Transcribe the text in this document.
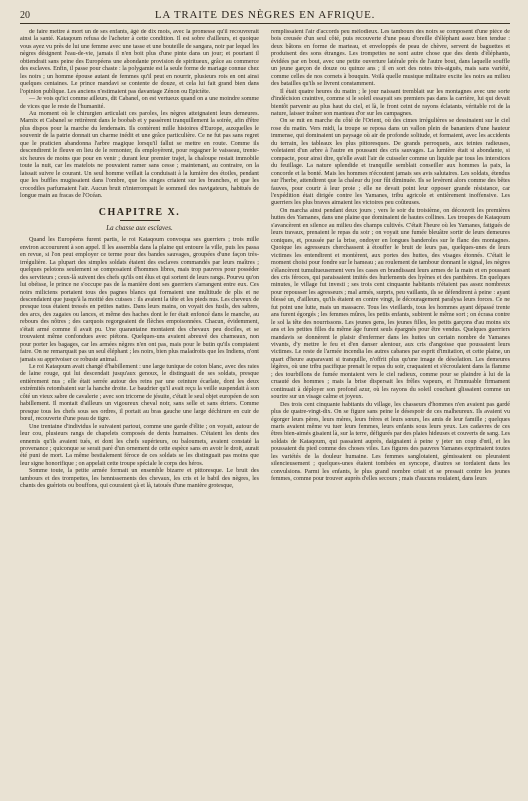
20	LA TRAITE DES NÈGRES EN AFRIQUE.

de faire mettre à mort un de ses enfants, âgé de dix mois, avec la promesse qu'il recouvrerait ainsi la santé. Kataqoum refusa de l'acheter à cette condition. Il est sobre d'ailleurs, et quoique vous ayez vu près de lui une femme avec une tasse et une bouteille de sangara, noir par lequel les nègres désignent l'eau-de-vie, jamais il n'en boit plus d'une pinte dans un jour; et pourtant il obtiendrait sans peine des Européens une abondante provision de spiritueux, grâce au commerce des esclaves. Enfin, il passe pour chaste : la polygamie est la seule forme de mariage connue chez les noirs ; un homme épouse autant de femmes qu'il peut en nourrir, plusieurs rois en ont ainsi quelques centaines. Le prince mandavi se contente de douze, et cela lui fait grand bien dans l'opinion publique. Les anciens n'estimaient pas davantage Zénon ou Epictète.

— Je vois qu'ici comme ailleurs, dit Cabanel, on est vertueux quand on a une moindre somme de vices que le reste de l'humanité.

Au moment où le chirurgien articulait ces paroles, les nègres atteignaient leurs demeures. Marnix et Cabanel se retirèrent dans le boobab et y passèrent tranquillement la soirée, afin d'être plus dispos pour la marche du lendemain. Ils contèrent mille histoires d'Europe, auxquelles le souvenir de la patrie donnait un charme inédit et une grâce particulière. Ce ne fut pas sans regret que le praticien abandonna l'arbre magique lorsqu'il fallut se mettre en route. Comme ils descendirent le fleuve en lieu de le remonter, ils employèrent, pour regagner le vaisseau, trente-six heures de moins que pour en venir ; durant leur premier trajet, la chaloupe restait immobile toute la nuit, car les matelots ne pouvaient ramer sans cesse ; maintenant, au contraire, on la laissait suivre le courant. Un seul homme veillait la conduisait à la lumière des étoiles, pendant que les buffles mugissaient dans l'ombre, que les singes criaient sur les branches, et que les crocodiles parfumaient l'air. Aucun bruit n'interrompait le sommeil des navigateurs, habitués de longue main au fracas de l'Océan.

CHAPITRE X.
La chasse aux esclaves.

Quand les Européens furent partis, le roi Kataqoum convoqua ses guerriers ; trois mille environ accoururent à son appel. Il les assembla dans la plaine qui entoure la ville, puis les passa en revue, si l'on peut employer ce terme pour des bandes sauvages, groupées d'une façon très-irrégulière. La plupart des simples soldats étaient des esclaves commandés par leurs maîtres ; quelques pelotons seulement se composaient d'hommes libres, mais trop pauvres pour posséder des serviteurs ; ceux-là suivent des chefs qu'ils ont élus et qui sortent de leurs rangs. Pourvu qu'on lui obéisse, le prince ne s'occupe pas de la manière dont ses guerriers s'arrangent entre eux. Ces noirs miliciens portaient tous des pagnes blancs qui formaient une multitude de plis et ne descendaient que jusqu'à la moitié des cuisses : ils avaient la tête et les pieds nus. Les cheveux de presque tous étaient tressés en petites nattes. Dans leurs mains, on voyait des fusils, des sabres, des arcs, des zagaies ou lances, et même des haches dont le fer était enfoncé dans le manche, au rebours des nôtres ; des carquois regorgeaient de flèches empoisonnées. Chacun, évidemment, s'était armé comme il avait pu. Une quarantaine montaient des chevaux peu dociles, et se trouvaient même confondues avec piétons. Quelques-uns avaient abreuvé des chameaux, non pour porter les bagages, car les armées nègres n'en ont pas, mais pour le butin qu'ils comptaient faire. On ne remarquait pas un seul éléphant ; les noirs, bien plus maladroits que les Indiens, n'ont jamais su apprivoiser ce robuste animal.

Le roi Kataqoum avait changé d'habillement : une large tunique de coton blanc, avec des raies de laine rouge, qui lui descendait jusqu'aux genoux, le distinguait de ses soldats, presque entièrement nus ; elle était serrée autour des reins par une ceinture écarlate, dont les deux extrémités retombaient sur la hanche droite. Le baudrier qu'il avait reçu la veille suspendait à son côté un vieux sabre de cavalerie ; avec son tricorne de jésuite, c'était le seul objet européen de son habillement. Il montait d'ailleurs un vigoureux cheval noir, sans selle et sans étriers. Comme presque tous les chefs sous ses ordres, il portait au bras gauche une large déchirure en cuir de bœuf, recouverte d'une peau de tigre.

Une trentaine d'individus le suivaient partout, comme une garde d'élite ; on voyait, autour de leur cou, plusieurs rangs de chapelets composés de dents humaines. C'étaient les dents des ennemis qu'ils avaient tués, et dont les chefs supérieurs, ou baloumets, avaient constaté la provenance ; quiconque se serait paré d'un ornement de cette espèce sans en avoir le droit, aurait été puni de mort. La même bestialement féroce de ces soldats se les distinguait pas moins que leur signe honorifique ; on appelait cette troupe spéciale le corps des héros.

Somme toute, la petite armée formait un ensemble bizarre et pittoresque. Le bruit des tambours et des trompettes, les hennissements des chevaux, les cris et le babil des nègres, les chants des guériots ou bouffons, qui couraient çà et là, tatoués d'une manière grotesque,

remplissaient l'air d'accords peu mélodieux. Les tambours des noirs se composent d'une pièce de bois creusée d'un seul côté, puis recouverte d'une peau d'oreille d'éléphant assez bien tendue : deux bâtons en forme de marteau, et enveloppés de peau de chèvre, servent de baguettes et produisent des sons étranges. Les trompettes ne sont autre chose que des dents d'éléphants, évidées par en bout, avec une petite ouverture latérale près de l'autre bout, dans laquelle souffle un jeune garçon de douze ou quinze ans ; il en sort des notes très-aiguës, mais sans variété, comme celles de nos cornets à bouquin. Voilà quelle musique militaire excite les noirs au milieu des batailles qu'ils se livrent constamment.

Il était quatre heures du matin ; le jour naissant tremblait sur les montagnes avec une sorte d'indécision craintive, comme si le soleil essayait ses premiers pas dans la carrière, lui qui devait bientôt parvenir au plus haut du ciel, et là, le front ceint de rayons éclatants, véritable roi de la nature, laisser traîner son manteau d'or sur les campagnes.

On se mit en marche du côté de l'Orient, où des cimes irrégulières se dessinaient sur le ciel rose du matin. Vers midi, la troupe se reposa dans un vallon plein de bananiers d'une hauteur immense, qui dominaient un paysage où air de profonde solitude, et formaient, avec les accidents du terrain, les tableaux les plus pittoresques. De grands perroquets, aux teintes radieuses, voletaient d'un arbre à l'autre en poussant des cris sauvages. La lumière était si abondante, si compacte, pour ainsi dire, qu'elle avait l'air de cuisseler comme un liquide par tous les interstices du feuillage. La nature splendide et tranquille semblait conseiller aux hommes la paix, la concorde et la bonté. Mais les hommes n'écoutent jamais ses avis salutaires. Les soldats, étendus sur l'herbe, attendirent que la chaleur du jour fût diminuée. Ils se levèrent alors comme des bêtes fauves, pour courir à leur proie ; elle ne devait point leur opposer grande résistance, car l'expédition était dirigée contre les Yamanes, tribu agricole et entièrement inoffensive. Les guerriers les plus braves aimaient les victoires peu coûteuses.

On marcha ainsi pendant deux jours ; vers le soir du troisième, on découvrit les premières huttes des Yamanes, dans une plaine que dominaient de hautes collines. Les troupes de Kataqoum s'avancèrent en silence au milieu des champs cultivés. C'était l'heure où les Yamanes, fatigués de leurs travaux, prenaient le repas du soir ; on voyait une fumée bleuâtre sortir de leurs demeures coniques, et, poussée par la brise, ondoyer en longues banderoles sur le flanc des montagnes. Quoique les agresseurs cherchassent à étouffer le bruit de leurs pas, quelques-unes de leurs victimes les entendirent et montèrent, aux portes des huttes, des visages étonnés. C'était le moment choisi pour fondre sur le hameau ; au roulement de tambour donnant le signal, les nègres s'élancèrent tumultueusement vers les cases en brandissant leurs armes de la main et en poussant des cris féroces, qui paraissaient imités des hurlements des hyènes et des panthères. En quelques minutes, le village fut investi ; ses trois cent cinquante habitants n'étaient pas assez nombreux pour repousser les agresseurs ; mal armés, surpris, peu vaillants, ils se défendirent à peine : ayant blessé un, d'ailleurs, qu'ils étaient en contre vingt, le découragement paralysa leurs forces. Ce ne fut point une lutte, mais un massacre. Tous les vieillards, tous les hommes ayant dépassé trente ans furent égorgés ; les femmes mûres, les petits enfants, subirent le même sort ; on écrasa contre le sol la tête des nourrissons. Les jeunes gens, les jeunes filles, les petits garçons d'au moins six ans et les petites filles du même âge furent seuls épargnés pour être vendus. Quelques guerriers mandavis se donnèrent le plaisir d'enfermer dans les huttes un certain nombre de Yamanes vivants, d'y mettre le feu et d'en danser alentour, aux cris d'angoisse que poussaient leurs victimes. Le reste de l'armée incendia les autres cabanes par esprit d'imitation, et cette plaine, un quart d'heure auparavant si tranquille, n'offrit plus qu'une image de désolation. Les demeures légères, où une tribu pacifique prenait le repas du soir, craquaient et s'écroulaient dans la flamme ; des tourbillons de fumée montaient vers le ciel radieux, comme pour se plaindre à lui de la cruauté des hommes ; mais la brise dispersait les frêles vapeurs, et l'immuable firmament continuait à déployer son profond azur, où les rayons du soleil couchant glissaient comme un sourire sur un visage calme et joyeux.

Des trois cent cinquante habitants du village, les chasseurs d'hommes n'en avaient pas gardé plus de quatre-vingt-dix. On se figure sans peine le désespoir de ces malheureux. Ils avaient vu égorger leurs pères, leurs mères, leurs frères et leurs sœurs, les amis de leur famille ; quelques maris avaient même vu tuer leurs femmes, leurs enfants sous leurs yeux. Les cadavres de ces êtres bien-aimés gisaient là, sur la terre, défigurés par des plaies hideuses et couverts de sang. Les soldats de Kataqoum, qui passaient auprès, daignaient à peine y jeter un coup d'œil, et les poussaient du pied comme des choses viles. Les figures des pauvres Yamanes exprimaient toutes les variétés de la douleur humaine. Les femmes sanglotaient, gémissaient ou pleuraient silencieusement ; quelques-unes étaient tombées en syncope, d'autres se tordaient dans les convulsions. Parmi les enfants, le plus grand nombre criait et se pressait contre les jeunes femmes, comme pour trouver auprès d'elles secours ; mais d'aucuns roulaient, dans leurs
